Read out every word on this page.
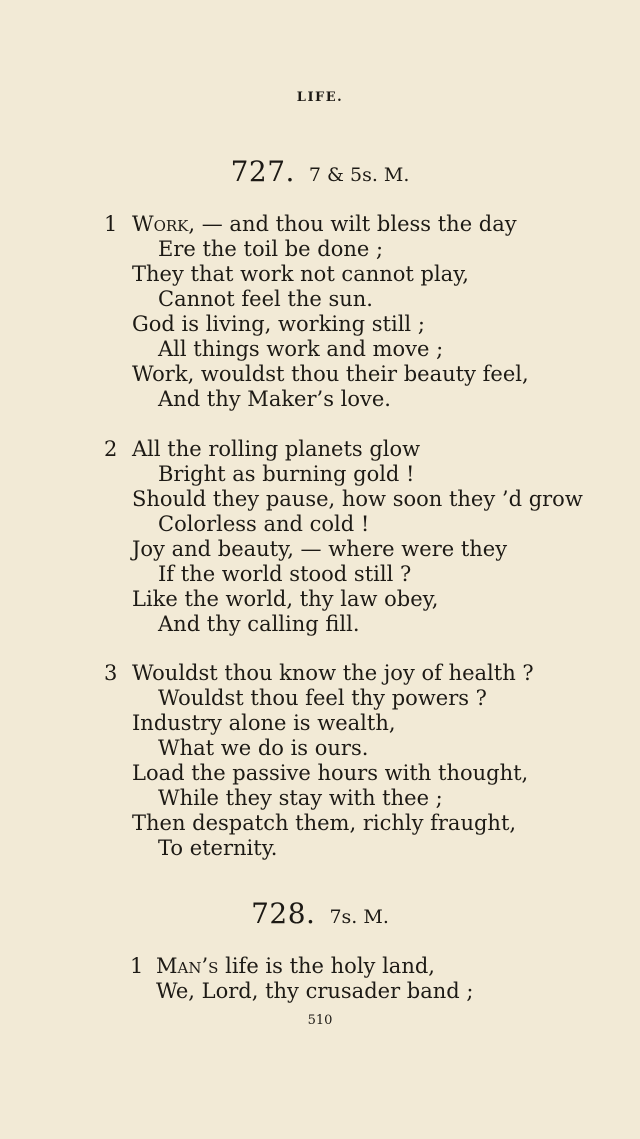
LIFE.
727. 7 & 5s. M.
1 Work, — and thou wilt bless the day
Ere the toil be done ;
They that work not cannot play,
Cannot feel the sun.
God is living, working still ;
All things work and move ;
Work, wouldst thou their beauty feel,
And thy Maker’s love.
2 All the rolling planets glow
Bright as burning gold !
Should they pause, how soon they ’d grow
Colorless and cold !
Joy and beauty, — where were they
If the world stood still ?
Like the world, thy law obey,
And thy calling fill.
3 Wouldst thou know the joy of health ?
Wouldst thou feel thy powers ?
Industry alone is wealth,
What we do is ours.
Load the passive hours with thought,
While they stay with thee ;
Then despatch them, richly fraught,
To eternity.
728. 7s. M.
1 Man’s life is the holy land,
We, Lord, thy crusader band ;
510
